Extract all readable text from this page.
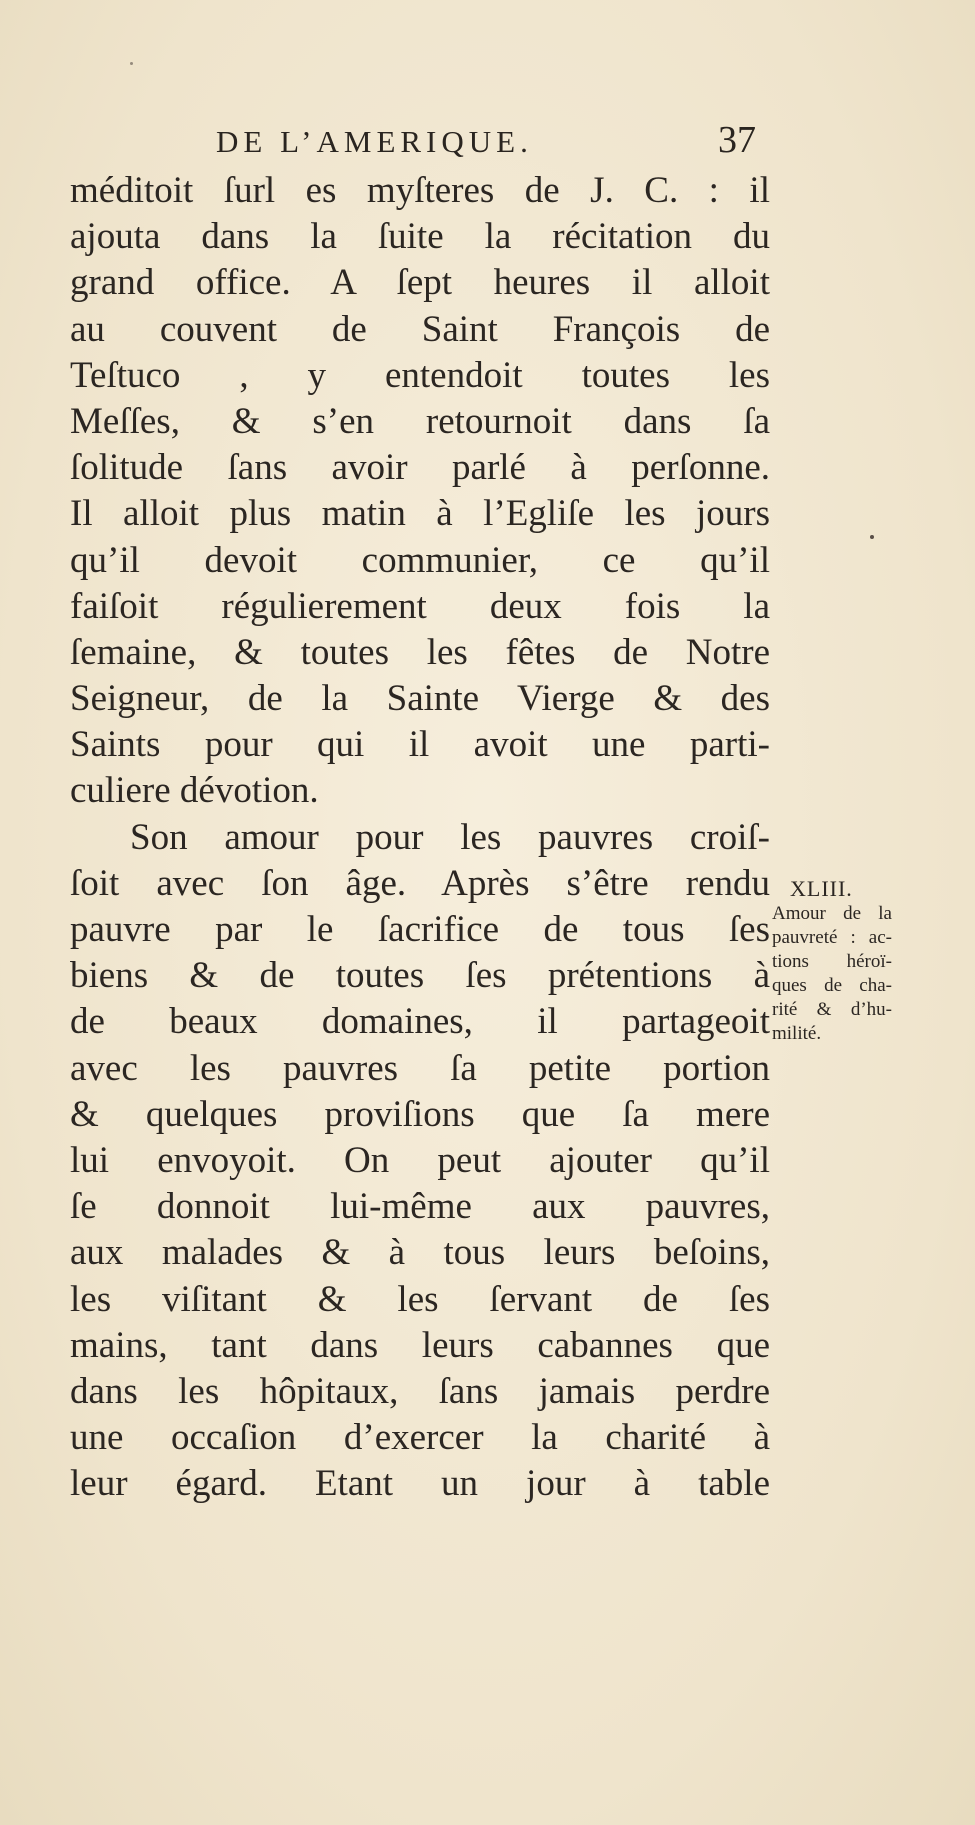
DE L’AMERIQUE.	37
méditoit ſurl es myſteres de J. C. : il
ajouta dans la ſuite la récitation du
grand office. A ſept heures il alloit
au couvent de Saint François de
Teſtuco , y entendoit toutes les
Meſſes, & s’en retournoit dans ſa
ſolitude ſans avoir parlé à perſonne.
Il alloit plus matin à l’Egliſe les jours
qu’il devoit communier, ce qu’il
faiſoit régulierement deux fois la
ſemaine, & toutes les fêtes de Notre
Seigneur, de la Sainte Vierge & des
Saints pour qui il avoit une parti-
culiere dévotion.
Son amour pour les pauvres croiſ-
ſoit avec ſon âge. Après s’être rendu
pauvre par le ſacrifice de tous ſes
biens & de toutes ſes prétentions à
de beaux domaines, il partageoit
avec les pauvres ſa petite portion
& quelques proviſions que ſa mere
lui envoyoit. On peut ajouter qu’il
ſe donnoit lui-même aux pauvres,
aux malades & à tous leurs beſoins,
les viſitant & les ſervant de ſes
mains, tant dans leurs cabannes que
dans les hôpitaux, ſans jamais perdre
une occaſion d’exercer la charité à
leur égard. Etant un jour à table
XLIII.
Amour de la
pauvreté : ac-
tions héroï-
ques de cha-
rité & d’hu-
milité.
